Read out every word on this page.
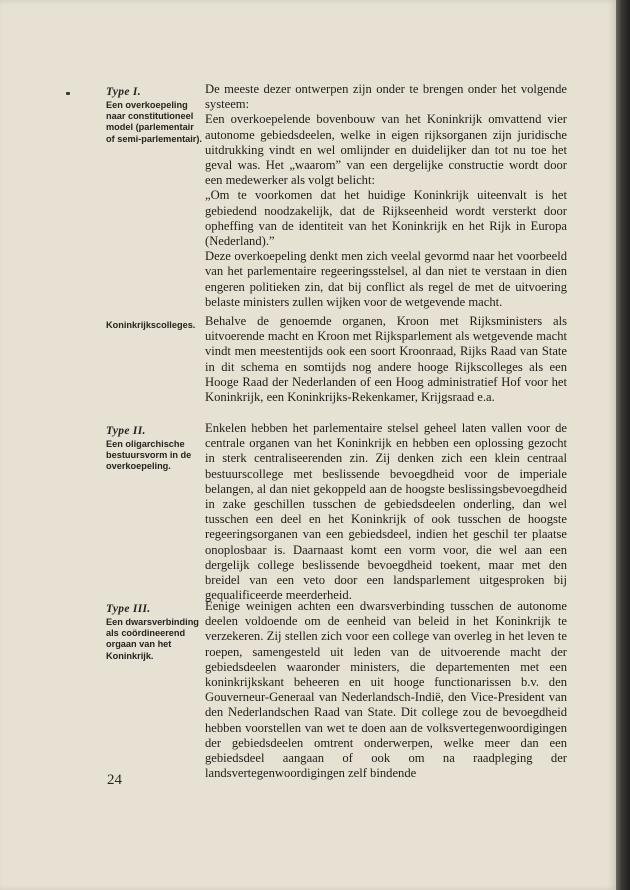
Type I.
Een overkoepeling naar constitutioneel model (parlementair of semi-parlementair).

De meeste dezer ontwerpen zijn onder te brengen onder het volgende systeem:

Een overkoepelende bovenbouw van het Koninkrijk omvattend vier autonome gebiedsdeelen, welke in eigen rijksorganen zijn juridische uitdrukking vindt en wel omlijnder en duidelijker dan tot nu toe het geval was. Het „waarom” van een dergelijke constructie wordt door een medewerker als volgt belicht:

„Om te voorkomen dat het huidige Koninkrijk uiteenvalt is het gebiedend noodzakelijk, dat de Rijkseenheid wordt versterkt door opheffing van de identiteit van het Koninkrijk en het Rijk in Europa (Nederland).”

Deze overkoepeling denkt men zich veelal gevormd naar het voorbeeld van het parlementaire regeeringsstelsel, al dan niet te verstaan in dien engeren politieken zin, dat bij conflict als regel de met de uitvoering belaste ministers zullen wijken voor de wetgevende macht.

Koninkrijkscolleges. Behalve de genoemde organen, Kroon met Rijksministers als uitvoerende macht en Kroon met Rijksparlement als wetgevende macht vindt men meestentijds ook een soort Kroonraad, Rijks Raad van State in dit schema en somtijds nog andere hooge Rijkscolleges als een Hooge Raad der Nederlanden of een Hoog administratief Hof voor het Koninkrijk, een Koninkrijks-Rekenkamer, Krijgsraad e.a.

Type II.
Een oligarchische bestuursvorm in de overkoepeling.

Enkelen hebben het parlementaire stelsel geheel laten vallen voor de centrale organen van het Koninkrijk en hebben een oplossing gezocht in sterk centraliseerenden zin. Zij denken zich een klein centraal bestuurscollege met beslissende bevoegdheid voor de imperiale belangen, al dan niet gekoppeld aan de hoogste beslissingsbevoegdheid in zake geschillen tusschen de gebiedsdeelen onderling, dan wel tusschen een deel en het Koninkrijk of ook tusschen de hoogste regeeringsorganen van een gebiedsdeel, indien het geschil ter plaatse onoplosbaar is. Daarnaast komt een vorm voor, die wel aan een dergelijk college beslissende bevoegdheid toekent, maar met den breidel van een veto door een landsparlement uitgesproken bij gequalificeerde meerderheid.

Type III.
Een dwarsverbinding als coördineerend orgaan van het Koninkrijk.

Eenige weinigen achten een dwarsverbinding tusschen de autonome deelen voldoende om de eenheid van beleid in het Koninkrijk te verzekeren. Zij stellen zich voor een college van overleg in het leven te roepen, samengesteld uit leden van de uitvoerende macht der gebiedsdeelen waaronder ministers, die departementen met een koninkrijkskant beheeren en uit hooge functionarissen b.v. den Gouverneur-Generaal van Nederlandsch-Indië, den Vice-President van den Nederlandschen Raad van State. Dit college zou de bevoegdheid hebben voorstellen van wet te doen aan de volksvertegenwoordigingen der gebiedsdeelen omtrent onderwerpen, welke meer dan een gebiedsdeel aangaan of ook om na raadpleging der landsvertegenwoordigingen zelf bindende

24
